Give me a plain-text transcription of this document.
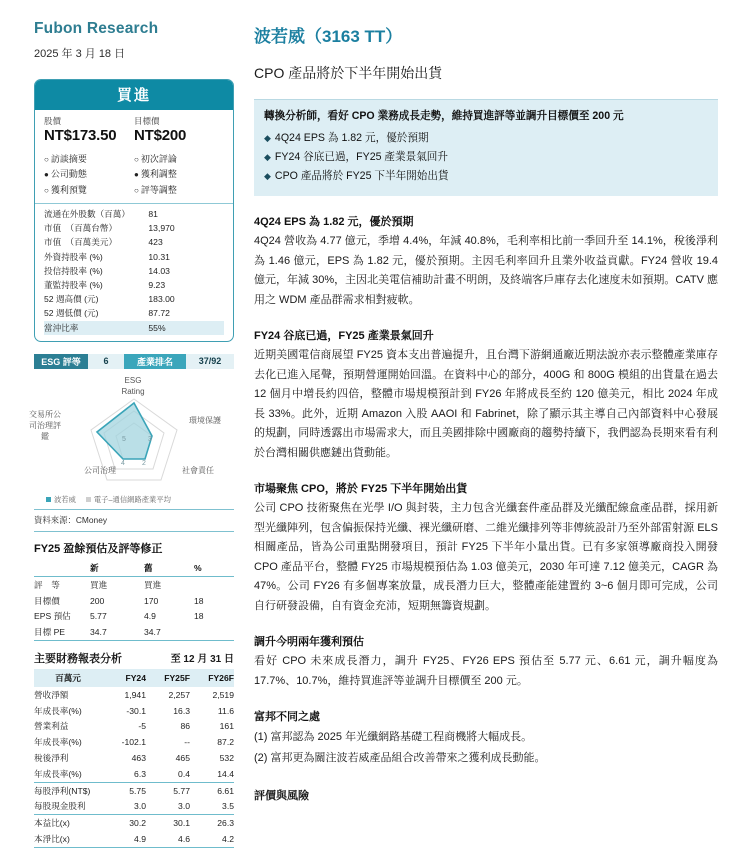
Fubon Research
2025 年 3 月 18 日
買進
股價
NT$173.50
目標價
NT$200
○ 訪談摘要	○ 初次評論
● 公司動態	● 獲利調整
○ 獲利預覽	○ 評等調整
流通在外股數（百萬）	81
市值　（百萬台幣）	13,970
市值　（百萬美元）	423
外資持股率 (%)	10.31
投信持股率 (%)	14.03
董監持股率 (%)	9.23
52 週高價 (元)	183.00
52 週低價 (元)	87.72
當沖比率	55%
ESG 評等	6	產業排名	37/92
5	3
2
4
ESG
Rating
環境保護
社會責任
公司治理
交易所公司治理評鑑
波若威	電子–通信網路產業平均
資料來源：CMoney
FY25 盈餘預估及評等修正
	新	舊	%
評　等	買進	買進	
目標價	200	170	18
EPS 預估	5.77	4.9	18
目標 PE	34.7	34.7	
主要財務報表分析	至 12 月 31 日
百萬元	FY24	FY25F	FY26F
營收淨額	1,941	2,257	2,519
年成長率(%)	-30.1	16.3	11.6
營業利益	-5	86	161
年成長率(%)	-102.1	--	87.2
稅後淨利	463	465	532
年成長率(%)	6.3	0.4	14.4
每股淨利(NT$)	5.75	5.77	6.61
每股現金股利	3.0	3.0	3.5
本益比(x)	30.2	30.1	26.3
本淨比(x)	4.9	4.6	4.2
波若威（3163 TT）
CPO 產品將於下半年開始出貨
轉換分析師，看好 CPO 業務成長走勢，維持買進評等並調升目標價至 200 元
◆ 4Q24 EPS 為 1.82 元，優於預期
◆ FY24 谷底已過，FY25 產業景氣回升
◆ CPO 產品將於 FY25 下半年開始出貨
4Q24 EPS 為 1.82 元，優於預期

4Q24 營收為 4.77 億元，季增 4.4%，年減 40.8%，毛利率相比前一季回升至 14.1%，稅後淨利為 1.46 億元，EPS 為 1.82 元，優於預期。主因毛利率回升且業外收益貢獻。FY24 營收 19.4 億元，年減 30%，主因北美電信補助計畫不明朗，及終端客戶庫存去化速度未如預期。CATV 應用之 WDM 產品群需求相對疲軟。

FY24 谷底已過，FY25 產業景氣回升

近期美國電信商展望 FY25 資本支出普遍提升，且台灣下游網通廠近期法說亦表示整體產業庫存去化已進入尾聲，預期營運開始回溫。在資料中心的部分，400G 和 800G 模組的出貨量在過去 12 個月中增長約四倍，整體市場規模預計到 FY26 年將成長至約 120 億美元，相比 2024 年成長 33%。此外，近期 Amazon 入股 AAOI 和 Fabrinet，除了顯示其主導自己內部資料中心發展的規劃，同時透露出市場需求大，而且美國排除中國廠商的趨勢持續下，我們認為長期來看有利於台灣相關供應鏈出貨動能。

市場聚焦 CPO，將於 FY25 下半年開始出貨

公司 CPO 技術聚焦在光學 I/O 與封裝，主力包含光纖套件產品群及光纖配線盒產品群，採用新型光纖陣列，包含偏振保持光纖、裸光纖研磨、二維光纖排列等非傳統設計乃至外部雷射源 ELS 相關產品，皆為公司重點開發項目，預計 FY25 下半年小量出貨。已有多家領導廠商投入開發 CPO 產品平台，整體 FY25 市場規模預估為 1.03 億美元，2030 年可達 7.12 億美元，CAGR 為 47%。公司 FY26 有多個專案放量，成長潛力巨大，整體產能建置約 3~6 個月即可完成，公司自行研發設備，自有資金充沛，短期無籌資規劃。

調升今明兩年獲利預估

看好 CPO 未來成長潛力，調升 FY25、FY26 EPS 預估至 5.77 元、6.61 元，調升幅度為 17.7%、10.7%，維持買進評等並調升目標價至 200 元。

富邦不同之處
(1) 富邦認為 2025 年光纖網路基礎工程商機將大幅成長。
(2) 富邦更為關注波若威產品組合改善帶來之獲利成長動能。
評價與風險
